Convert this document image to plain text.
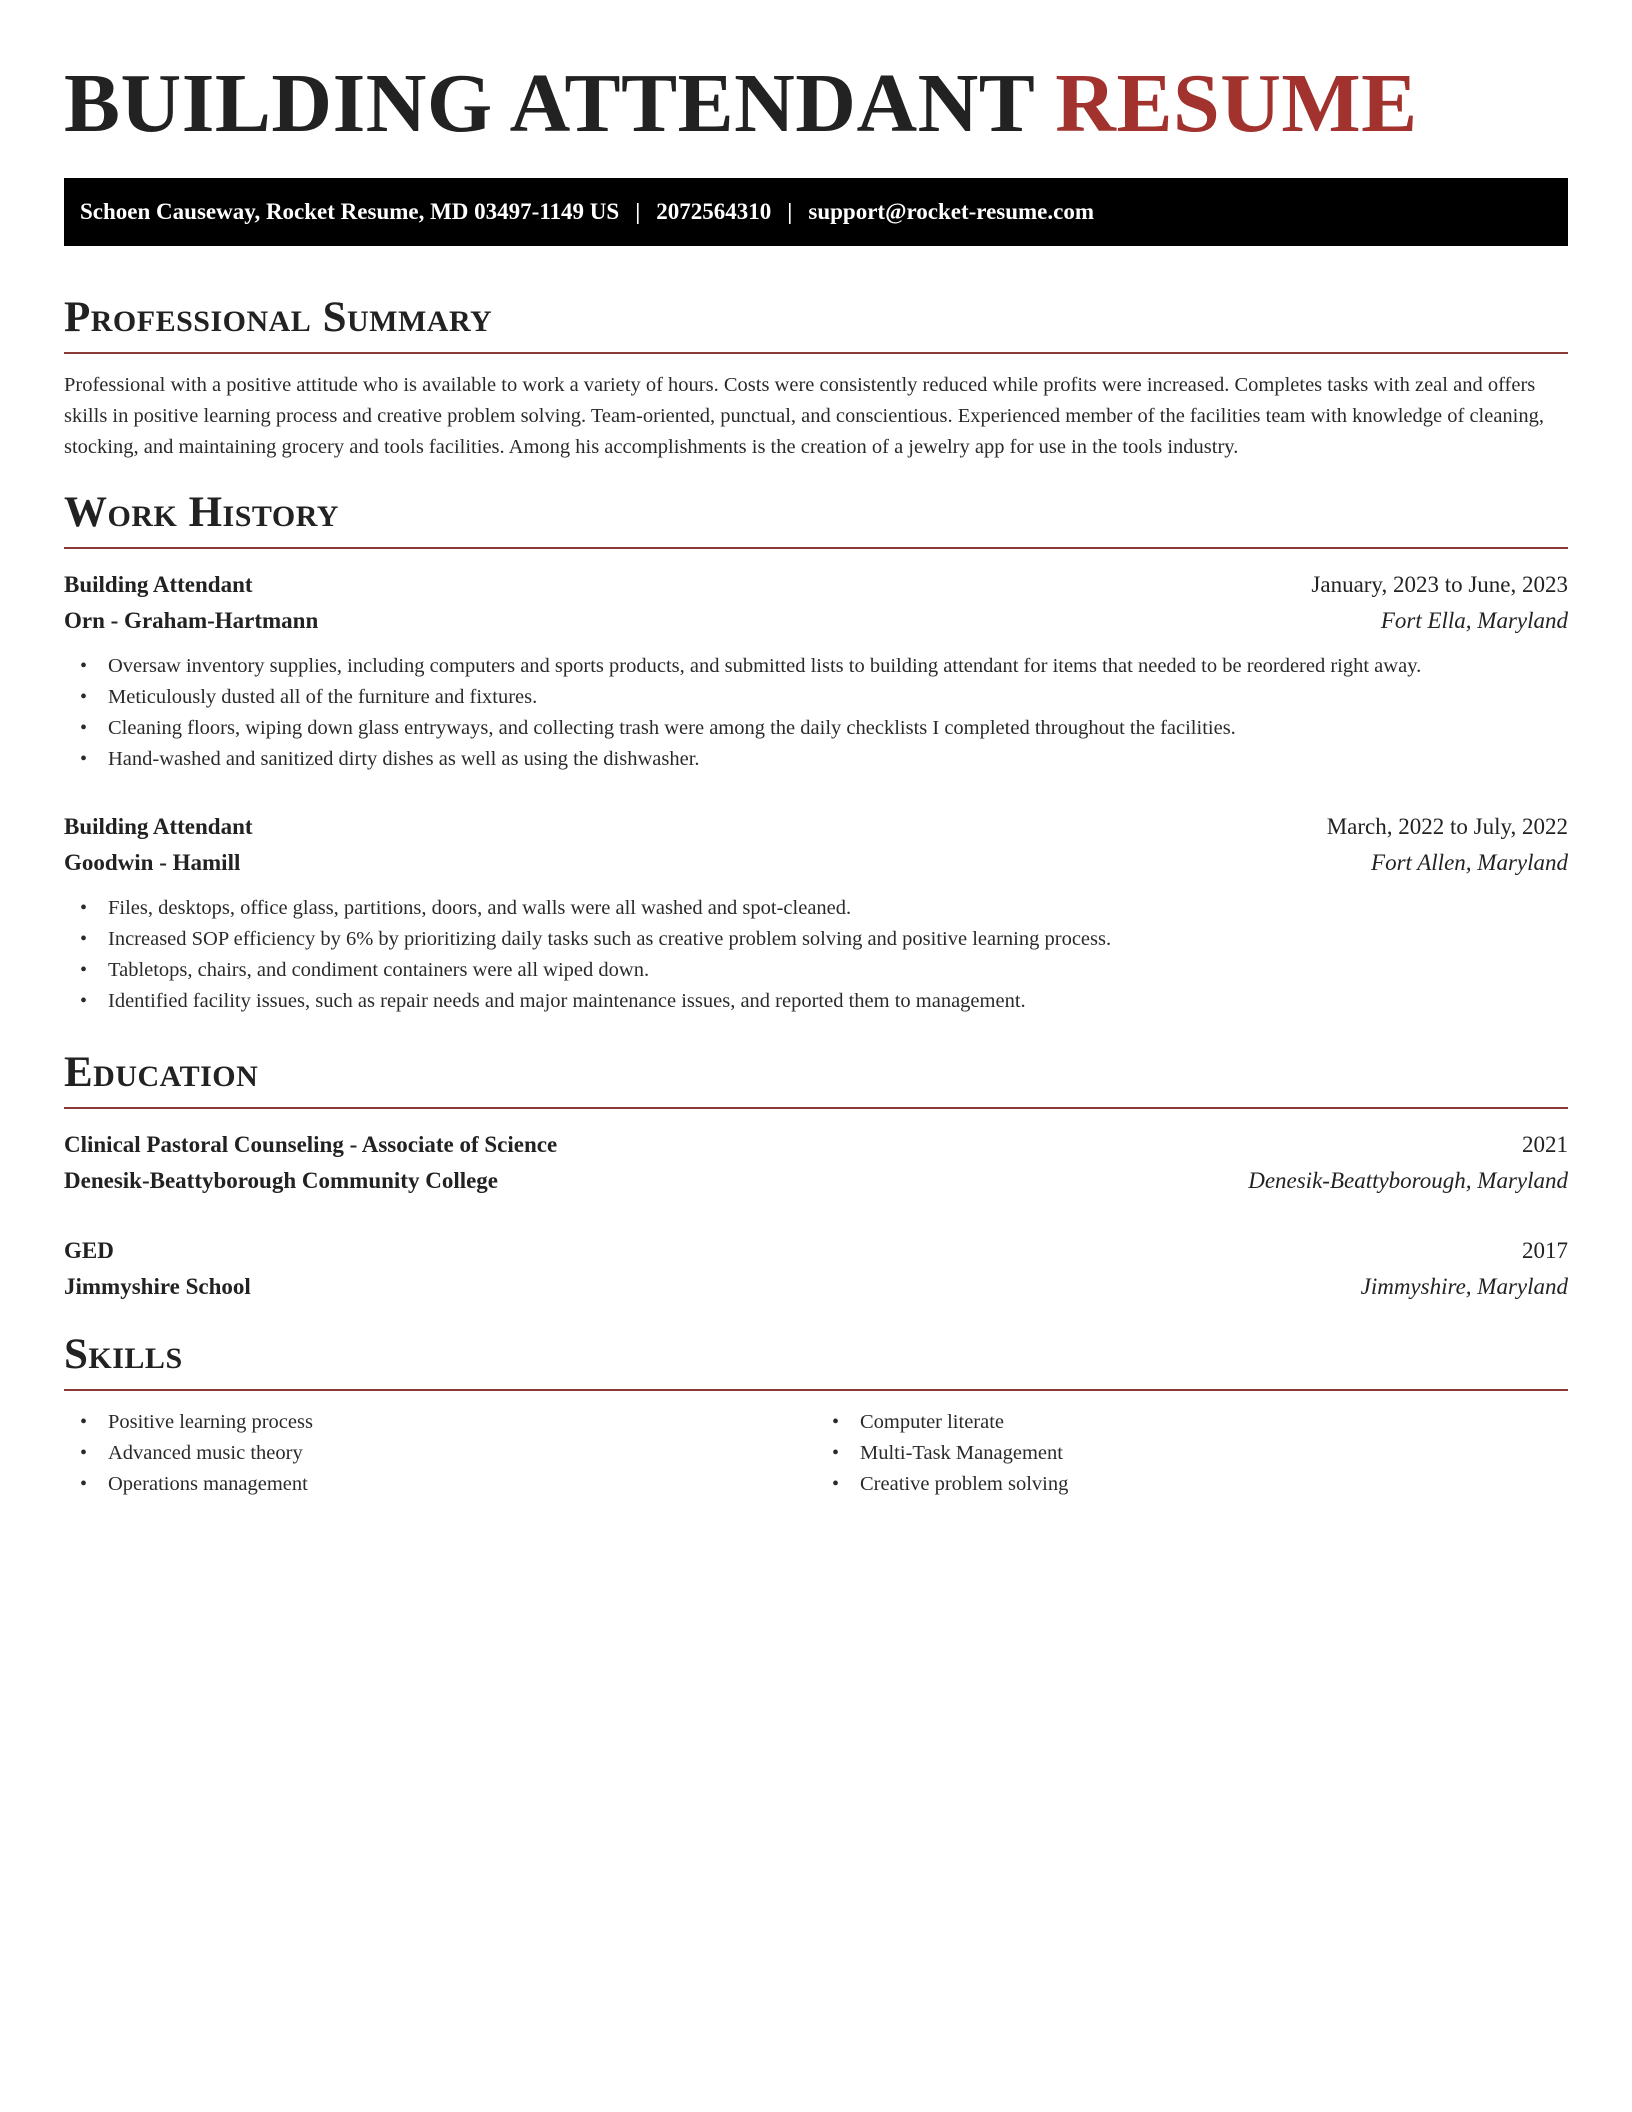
BUILDING ATTENDANT RESUME
Schoen Causeway, Rocket Resume, MD 03497-1149 US | 2072564310 | support@rocket-resume.com
Professional Summary

Professional with a positive attitude who is available to work a variety of hours. Costs were consistently reduced while profits were increased. Completes tasks with zeal and offers skills in positive learning process and creative problem solving. Team-oriented, punctual, and conscientious. Experienced member of the facilities team with knowledge of cleaning, stocking, and maintaining grocery and tools facilities. Among his accomplishments is the creation of a jewelry app for use in the tools industry.

Work History
Building Attendant	January, 2023 to June, 2023
Orn - Graham-Hartmann	Fort Ella, Maryland
• Oversaw inventory supplies, including computers and sports products, and submitted lists to building attendant for items that needed to be reordered right away.
• Meticulously dusted all of the furniture and fixtures.
• Cleaning floors, wiping down glass entryways, and collecting trash were among the daily checklists I completed throughout the facilities.
• Hand-washed and sanitized dirty dishes as well as using the dishwasher.
Building Attendant	March, 2022 to July, 2022
Goodwin - Hamill	Fort Allen, Maryland
• Files, desktops, office glass, partitions, doors, and walls were all washed and spot-cleaned.
• Increased SOP efficiency by 6% by prioritizing daily tasks such as creative problem solving and positive learning process.
• Tabletops, chairs, and condiment containers were all wiped down.
• Identified facility issues, such as repair needs and major maintenance issues, and reported them to management.
Education
Clinical Pastoral Counseling - Associate of Science	2021
Denesik-Beattyborough Community College	Denesik-Beattyborough, Maryland
GED	2017
Jimmyshire School	Jimmyshire, Maryland
Skills
• Positive learning process
• Advanced music theory
• Operations management
• Computer literate
• Multi-Task Management
• Creative problem solving
